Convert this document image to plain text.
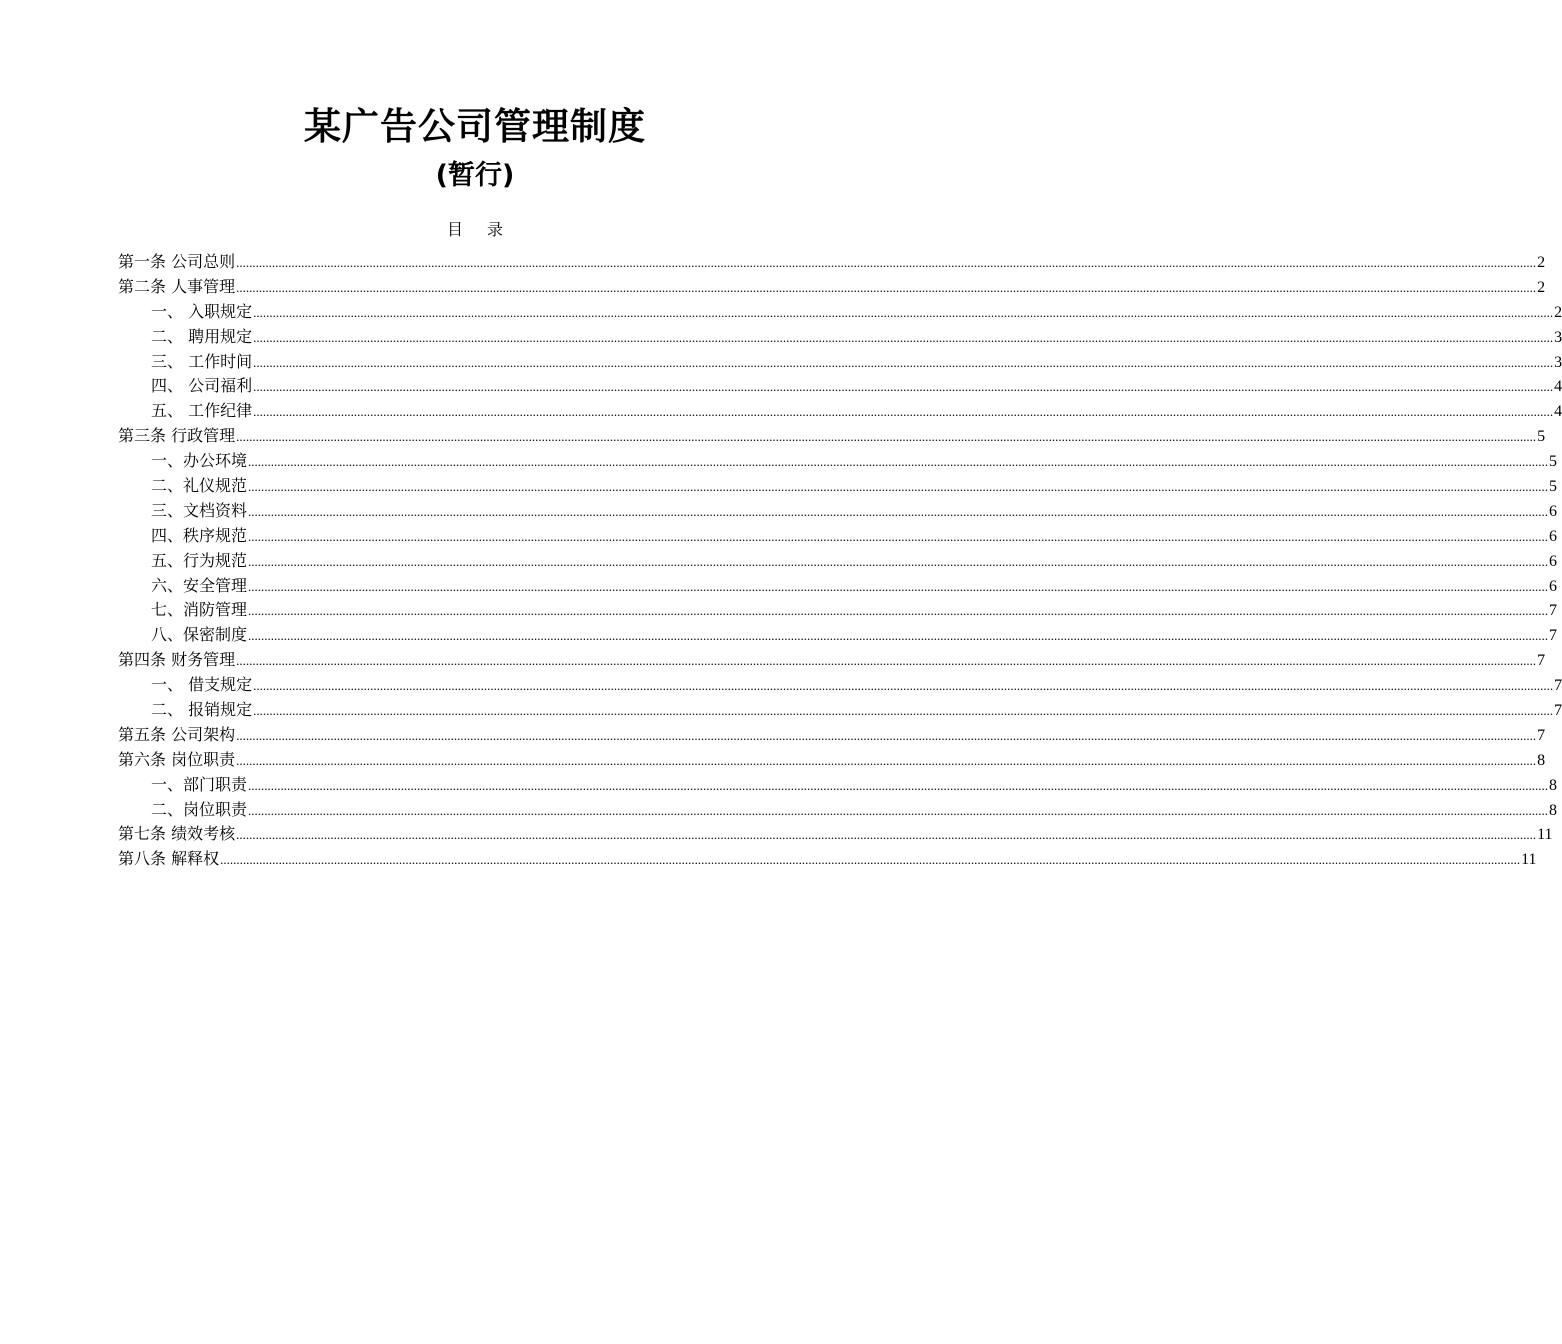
某广告公司管理制度
(暂行)
目录
第一条 公司总则 ................................................................................................................................................................................................................................................................................................................................................................................................................ 2
第二条 人事管理 ................................................................................................................................................................................................................................................................................................................................................................................................................ 2
一、 入职规定 ................................................................................................................................................................................................................................................................................................................................................................................................................ 2
二、 聘用规定 ................................................................................................................................................................................................................................................................................................................................................................................................................ 3
三、 工作时间 ................................................................................................................................................................................................................................................................................................................................................................................................................ 3
四、 公司福利 ................................................................................................................................................................................................................................................................................................................................................................................................................ 4
五、 工作纪律 ................................................................................................................................................................................................................................................................................................................................................................................................................ 4
第三条 行政管理 ................................................................................................................................................................................................................................................................................................................................................................................................................ 5
一、办公环境 ................................................................................................................................................................................................................................................................................................................................................................................................................ 5
二、礼仪规范 ................................................................................................................................................................................................................................................................................................................................................................................................................ 5
三、文档资料 ................................................................................................................................................................................................................................................................................................................................................................................................................ 6
四、秩序规范 ................................................................................................................................................................................................................................................................................................................................................................................................................ 6
五、行为规范 ................................................................................................................................................................................................................................................................................................................................................................................................................ 6
六、安全管理 ................................................................................................................................................................................................................................................................................................................................................................................................................ 6
七、消防管理 ................................................................................................................................................................................................................................................................................................................................................................................................................ 7
八、保密制度 ................................................................................................................................................................................................................................................................................................................................................................................................................ 7
第四条 财务管理 ................................................................................................................................................................................................................................................................................................................................................................................................................ 7
一、 借支规定 ................................................................................................................................................................................................................................................................................................................................................................................................................ 7
二、 报销规定 ................................................................................................................................................................................................................................................................................................................................................................................................................ 7
第五条 公司架构 ................................................................................................................................................................................................................................................................................................................................................................................................................ 7
第六条 岗位职责 ................................................................................................................................................................................................................................................................................................................................................................................................................ 8
一、部门职责 ................................................................................................................................................................................................................................................................................................................................................................................................................ 8
二、岗位职责 ................................................................................................................................................................................................................................................................................................................................................................................................................ 8
第七条 绩效考核 ................................................................................................................................................................................................................................................................................................................................................................................................................ 11
第八条 解释权 ................................................................................................................................................................................................................................................................................................................................................................................................................ 11
